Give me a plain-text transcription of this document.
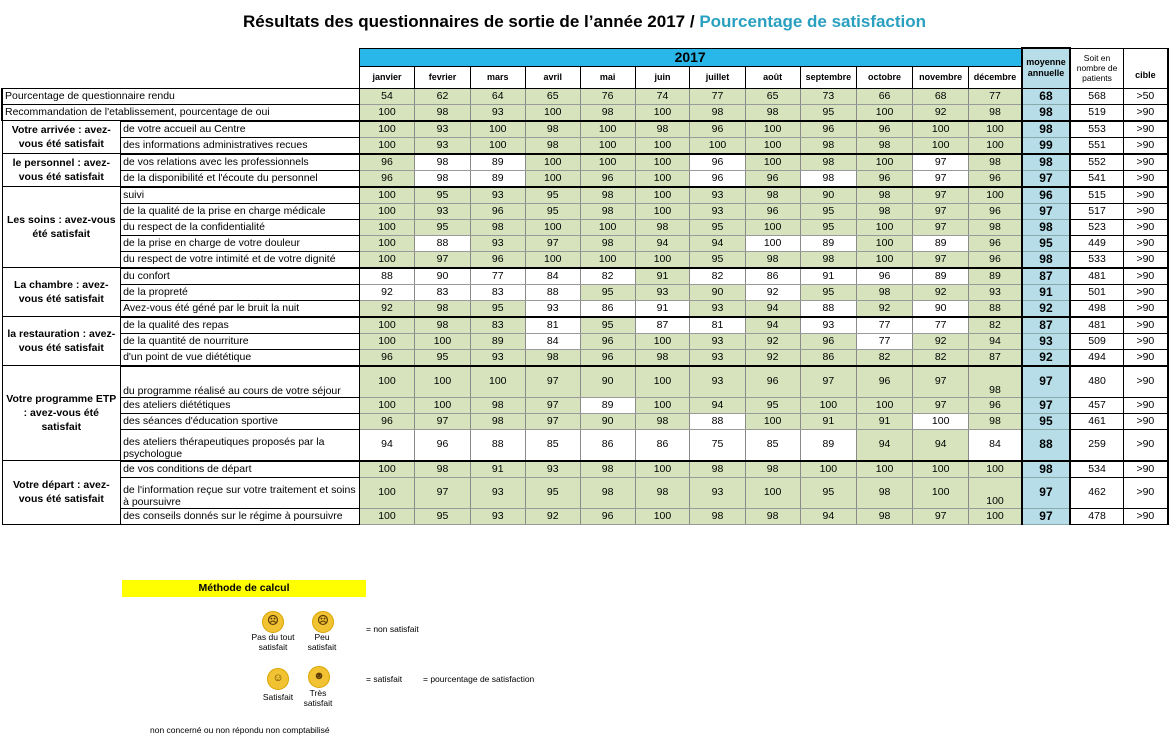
Résultats des questionnaires de sortie de l’année 2017 / Pourcentage de satisfaction
		2017												moyenne annuelle	Soit en nombre de patients	cible
		janvier	fevrier	mars	avril	mai	juin	juillet	août	septembre	octobre	novembre	décembre			
Pourcentage de questionnaire rendu		54	62	64	65	76	74	77	65	73	66	68	77	68	568	>50
Recommandation de l'etablissement, pourcentage de oui		100	98	93	100	98	100	98	98	95	100	92	98	98	519	>90
Votre arrivée : avez-vous été satisfait	de votre accueil au Centre	100	93	100	98	100	98	96	100	96	96	100	100	98	553	>90
	des informations administratives recues	100	93	100	98	100	100	100	100	98	98	100	100	99	551	>90
le personnel : avez-vous été satisfait	de vos relations avec les professionnels	96	98	89	100	100	100	96	100	98	100	97	98	98	552	>90
	de la disponibilité et l'écoute du personnel	96	98	89	100	96	100	96	96	98	96	97	96	97	541	>90
Les soins : avez-vous été satisfait	suivi	100	95	93	95	98	100	93	98	90	98	97	100	96	515	>90
	de la qualité de la prise en charge médicale	100	93	96	95	98	100	93	96	95	98	97	96	97	517	>90
	du respect de la confidentialité	100	95	98	100	100	98	95	100	95	100	97	98	98	523	>90
	de la prise en charge de votre douleur	100	88	93	97	98	94	94	100	89	100	89	96	95	449	>90
	du respect de votre intimité et de votre dignité	100	97	96	100	100	100	95	98	98	100	97	96	98	533	>90
La chambre : avez-vous été satisfait	du confort	88	90	77	84	82	91	82	86	91	96	89	89	87	481	>90
	de la propreté	92	83	83	88	95	93	90	92	95	98	92	93	91	501	>90
	Avez-vous été géné par le bruit la nuit	92	98	95	93	86	91	93	94	88	92	90	88	92	498	>90
la restauration : avez-vous été satisfait	de la qualité des repas	100	98	83	81	95	87	81	94	93	77	77	82	87	481	>90
	de la quantité de nourriture	100	100	89	84	96	100	93	92	96	77	92	94	93	509	>90
	d'un point de vue diététique	96	95	93	98	96	98	93	92	86	82	82	87	92	494	>90
Votre programme ETP : avez-vous été satisfait	du programme réalisé au cours de votre séjour	100	100	100	97	90	100	93	96	97	96	97	98	97	480	>90
	des ateliers diététiques	100	100	98	97	89	100	94	95	100	100	97	96	97	457	>90
	des séances d'éducation sportive	96	97	98	97	90	98	88	100	91	91	100	98	95	461	>90
	des ateliers thérapeutiques proposés par la psychologue	94	96	88	85	86	86	75	85	89	94	94	84	88	259	>90
Votre départ : avez-vous été satisfait	de vos conditions de départ	100	98	91	93	98	100	98	98	100	100	100	100	98	534	>90
	de l'information reçue sur votre traitement et soins à poursuivre	100	97	93	95	98	98	93	100	95	98	100	100	97	462	>90
	des conseils donnés sur le régime à poursuivre	100	95	93	92	96	100	98	98	94	98	97	100	97	478	>90
Méthode de calcul
☹	☹
Pas du tout
satisfait
Peu
satisfait
= non satisfait
☺	☻
Satisfait	Très
satisfait
= satisfait = pourcentage de satisfaction
non concerné ou non répondu non comptabilisé
